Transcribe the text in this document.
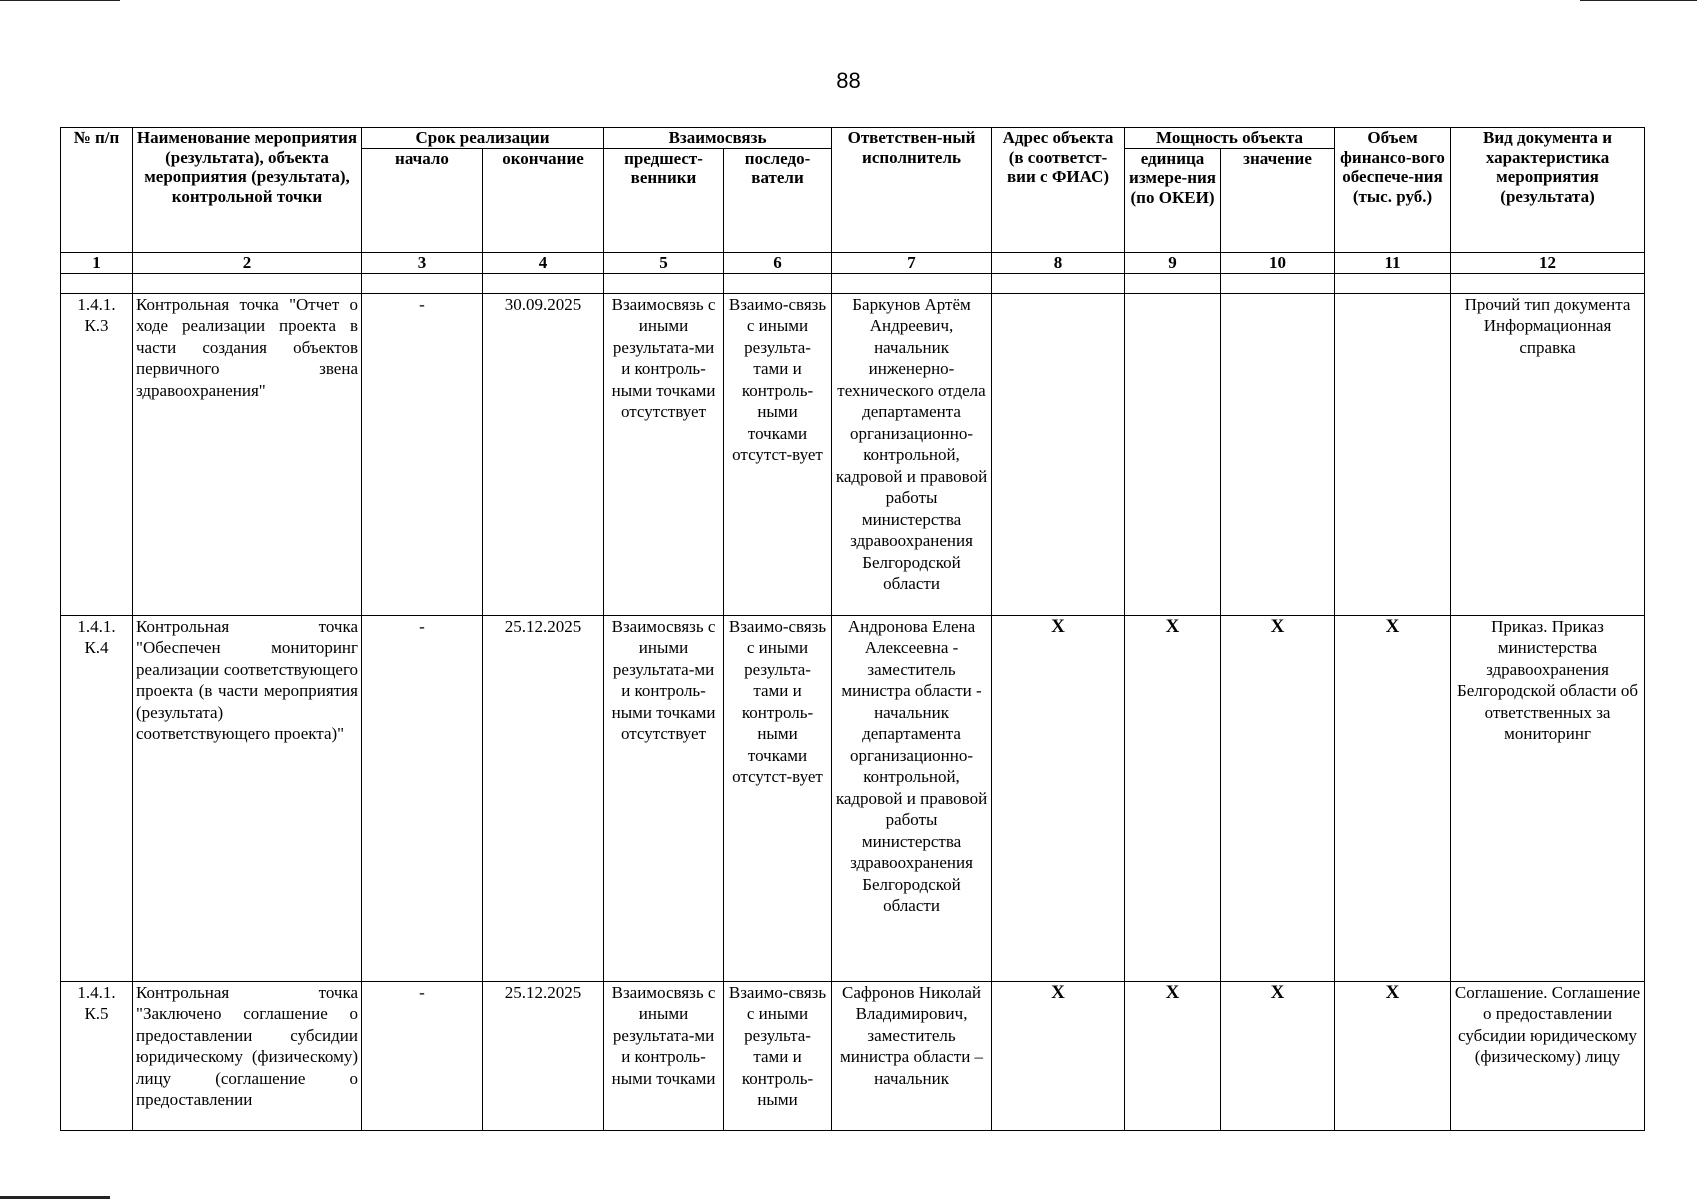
88
№ п/п	Наименование мероприятия (результата), объекта мероприятия (результата), контрольной точки	Срок реализации		Взаимосвязь		Ответствен-ный исполнитель	Адрес объекта (в соответст-вии с ФИАС)	Мощность объекта		Объем финансо-вого обеспече-ния (тыс. руб.)	Вид документа и характеристика мероприятия (результата)
		начало	окончание	предшест-венники	последо-ватели			единица измере-ния (по ОКЕИ)	значение		
1	2	3	4	5	6	7	8	9	10	11	12

1.4.1. К.3	Контрольная точка "Отчет о ходе реализации проекта в части создания объектов первичного звена здравоохранения"	-	30.09.2025	Взаимосвязь с иными результата-ми и контроль-ными точками отсутствует	Взаимо-связь с иными результа-тами и контроль-ными точками отсутст-вует	Баркунов Артём Андреевич, начальник инженерно-технического отдела департамента организационно-контрольной, кадровой и правовой работы министерства здравоохранения Белгородской области					Прочий тип документа Информационная справка
1.4.1. К.4	Контрольная точка "Обеспечен мониторинг реализации соответствующего проекта (в части мероприятия (результата) соответствующего проекта)"	-	25.12.2025	Взаимосвязь с иными результата-ми и контроль-ными точками отсутствует	Взаимо-связь с иными результа-тами и контроль-ными точками отсутст-вует	Андронова Елена Алексеевна - заместитель министра области - начальник департамента организационно-контрольной, кадровой и правовой работы министерства здравоохранения Белгородской области	X	X	X	X	Приказ. Приказ министерства здравоохранения Белгородской области об ответственных за мониторинг
1.4.1. К.5	Контрольная точка "Заключено соглашение о предоставлении субсидии юридическому (физическому) лицу (соглашение о предоставлении	-	25.12.2025	Взаимосвязь с иными результата-ми и контроль-ными точками	Взаимо-связь с иными результа-тами и контроль-ными	Сафронов Николай Владимирович, заместитель министра области – начальник	X	X	X	X	Соглашение. Соглашение о предоставлении субсидии юридическому (физическому) лицу
